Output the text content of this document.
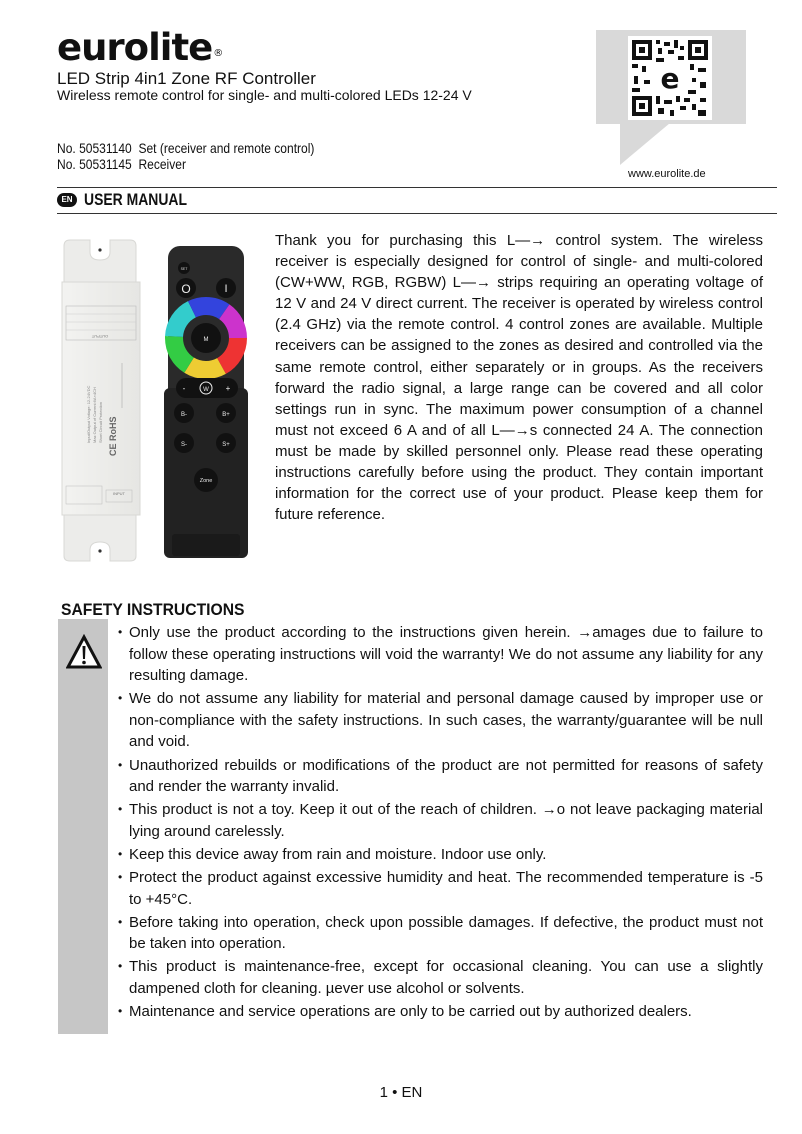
eurolite®
LED Strip 4in1 Zone RF Controller
Wireless remote control for single- and multi-colored LEDs 12-24 V
No. 50531140  Set (receiver and remote control)
No. 50531145  Receiver
e
www.eurolite.de
EN USER MANUAL
OUTPUT
Input/Output Voltage: 12-24VDC Max Output of Current:6A×4CH Short Circuit Protection CE RoHS
INPUT
SET
O	I
M
-	W +
B-	B+
S-	S+
Zone
Thank you for purchasing this L—→ control system. The wireless receiver is especially designed for control of single- and multi-colored (CW+WW, RGB, RGBW) L—→ strips requiring an operating voltage of 12 V and 24 V direct current. The receiver is operated by wireless control (2.4 GHz) via the remote control. 4 control zones are available. Multiple receivers can be assigned to the zones as desired and controlled via the same remote control, either separately or in groups. As the receivers forward the radio signal, a large range can be covered and all color settings run in sync. The maximum power consumption of a channel must not exceed 6 A and of all L—→s connected 24 A. The connection must be made by skilled personnel only. Please read these operating instructions carefully before using the product. They contain important information for the correct use of your product. Please keep them for future reference.
SAFETY INSTRUCTIONS
• Only use the product according to the instructions given herein. →amages due to failure to follow these operating instructions will void the warranty! We do not assume any liability for any resulting damage.
• We do not assume any liability for material and personal damage caused by improper use or non-compliance with the safety instructions. In such cases, the warranty/guarantee will be null and void.
• Unauthorized rebuilds or modifications of the product are not permitted for reasons of safety and render the warranty invalid.
• This product is not a toy. Keep it out of the reach of children. →o not leave packaging material lying around carelessly.
• Keep this device away from rain and moisture. Indoor use only.
• Protect the product against excessive humidity and heat. The recommended temperature is -5 to +45°C.
• Before taking into operation, check upon possible damages. If defective, the product must not be taken into operation.
• This product is maintenance-free, except for occasional cleaning. You can use a slightly dampened cloth for cleaning. µever use alcohol or solvents.
• Maintenance and service operations are only to be carried out by authorized dealers.
1 • EN
